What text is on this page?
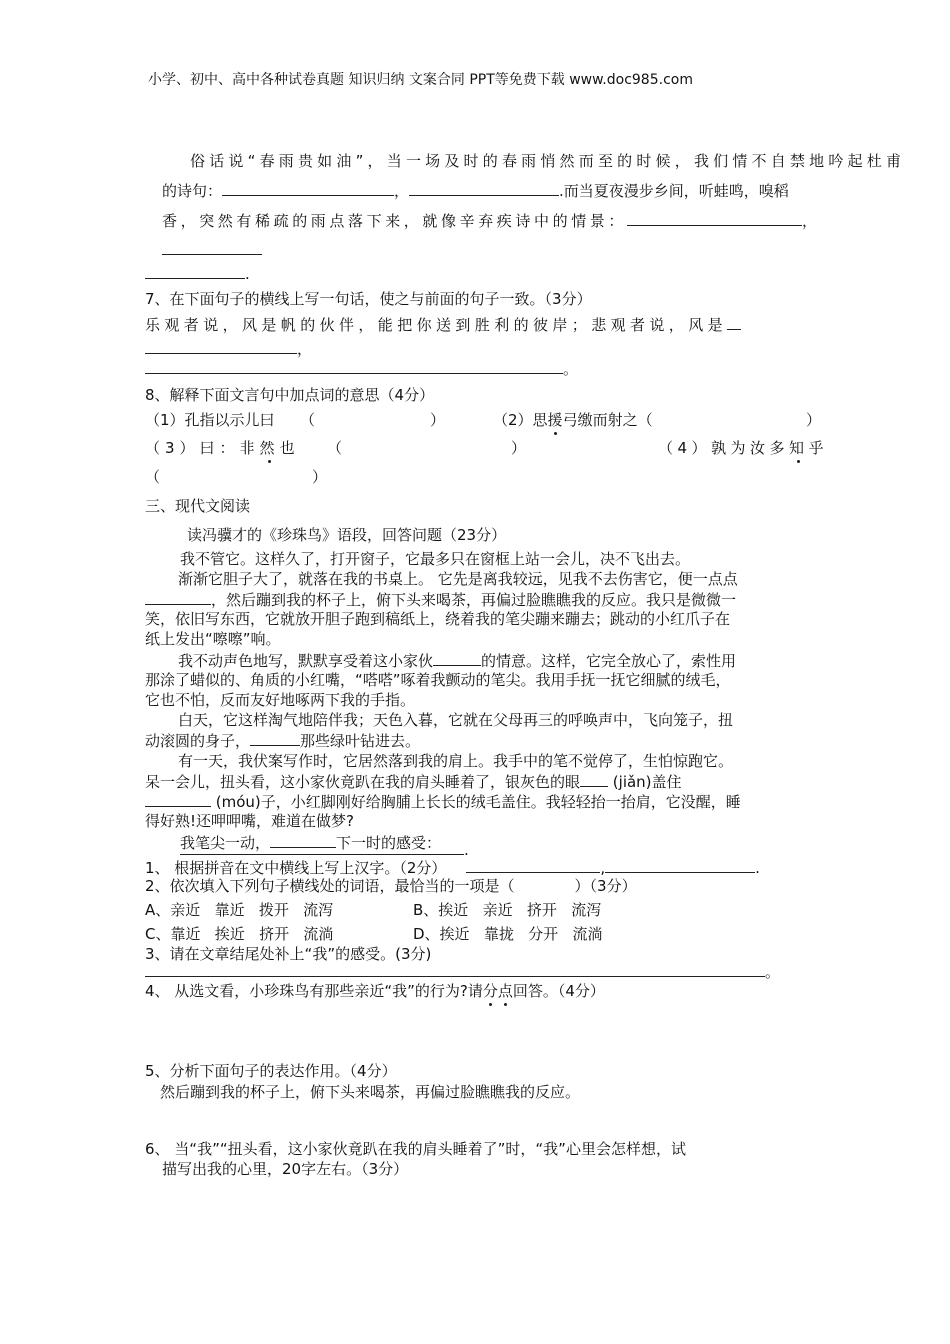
小学、初中、高中各种试卷真题 知识归纳 文案合同 PPT等免费下载 www.doc985.com
俗话说“春雨贵如油”，当一场及时的春雨悄然而至的时候，我们情不自禁地吟起杜甫
的诗句：	，	.而当夏夜漫步乡间，听蛙鸣，嗅稻
香，突然有稀疏的雨点落下来，就像辛弃疾诗中的情景：	，
.
7、在下面句子的横线上写一句话，使之与前面的句子一致。（3分）
乐观者说，风是帆的伙伴，能把你送到胜利的彼岸；悲观者说，风是
，
。
8、解释下面文言句中加点词的意思（4分）
（1）孔指以示儿曰 （	）	（2）思援弓缴而射之（	）
（3）曰：非然也 （	）	（4）孰为汝多知乎
（	）
三、现代文阅读
读冯骥才的《珍珠鸟》语段，回答问题（23分）
我不管它。这样久了，打开窗子，它最多只在窗框上站一会儿，决不飞出去。
渐渐它胆子大了，就落在我的书桌上。 它先是离我较远，见我不去伤害它，便一点点
，然后蹦到我的杯子上，俯下头来喝茶，再偏过脸瞧瞧我的反应。我只是微微一
笑，依旧写东西，它就放开胆子跑到稿纸上，绕着我的笔尖蹦来蹦去；跳动的小红爪子在
纸上发出“嚓嚓”响。
我不动声色地写，默默享受着这小家伙	的情意。这样，它完全放心了，索性用
那涂了蜡似的、角质的小红嘴，“嗒嗒”啄着我颤动的笔尖。我用手抚一抚它细腻的绒毛，
它也不怕，反而友好地啄两下我的手指。
白天，它这样淘气地陪伴我；天色入暮，它就在父母再三的呼唤声中，飞向笼子，扭
动滚圆的身子，	那些绿叶钻进去。
有一天，我伏案写作时，它居然落到我的肩上。我手中的笔不觉停了，生怕惊跑它。
呆一会儿，扭头看，这小家伙竟趴在我的肩头睡着了，银灰色的眼 (jiǎn)盖住
(móu)子，小红脚刚好给胸脯上长长的绒毛盖住。我轻轻抬一抬肩，它没醒，睡
得好熟!还呷呷嘴，难道在做梦?
我笔尖一动，	下一时的感受：	.
1、 根据拼音在文中横线上写上汉字。（2分）	,	.
2、依次填入下列句子横线处的词语，最恰当的一项是（	）（3分）
A、亲近   靠近   拨开   流泻	B、挨近   亲近   挤开   流泻
C、靠近   挨近   挤开   流淌	D、挨近   靠拢   分开   流淌
3、请在文章结尾处补上“我”的感受。(3分)
。
4、 从选文看，小珍珠鸟有那些亲近“我”的行为?请分点回答。（4分）
5、分析下面句子的表达作用。（4分）
然后蹦到我的杯子上，俯下头来喝茶，再偏过脸瞧瞧我的反应。
6、 当“我”“扭头看，这小家伙竟趴在我的肩头睡着了”时，“我”心里会怎样想，试
描写出我的心里，20字左右。（3分）
